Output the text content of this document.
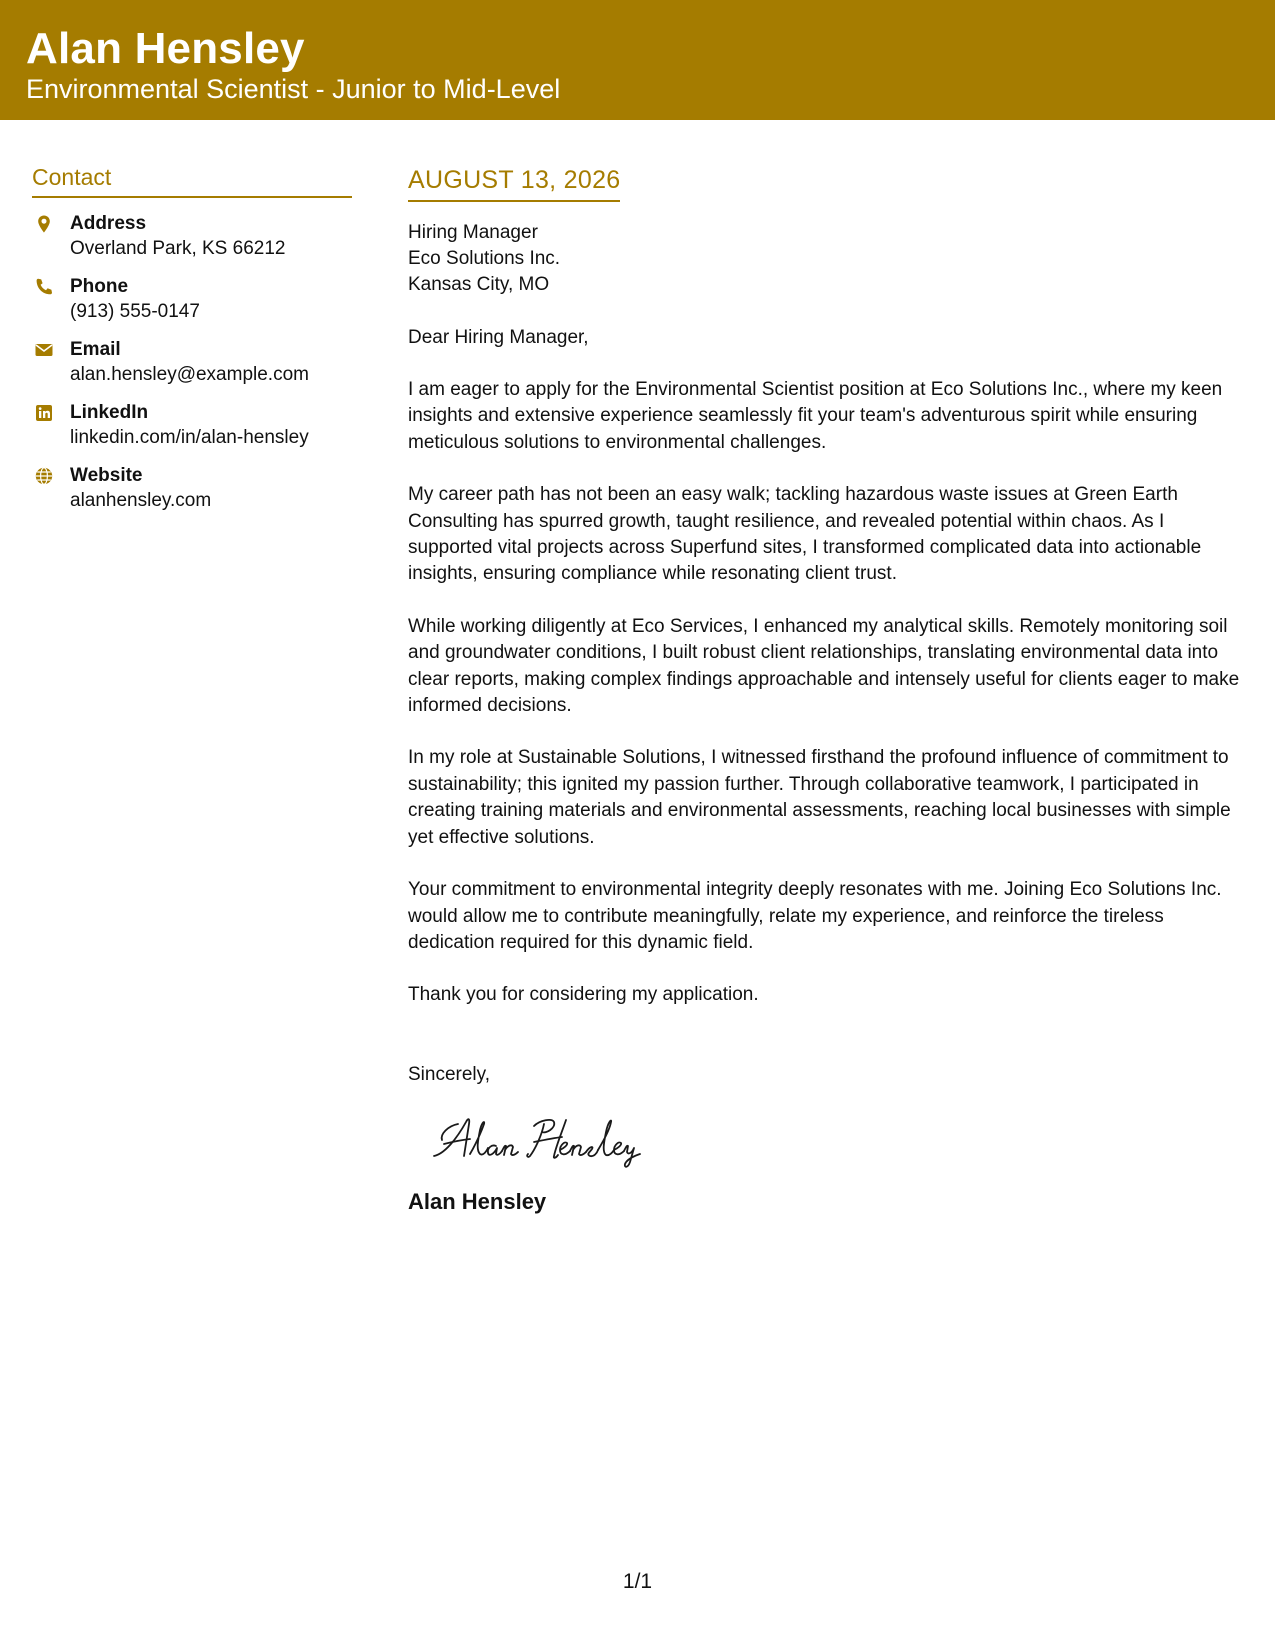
Alan Hensley
Environmental Scientist - Junior to Mid-Level
Contact
Address
Overland Park, KS 66212
Phone
(913) 555-0147
Email
alan.hensley@example.com
LinkedIn
linkedin.com/in/alan-hensley
Website
alanhensley.com
AUGUST 13, 2026
Hiring Manager
Eco Solutions Inc.
Kansas City, MO
Dear Hiring Manager,
I am eager to apply for the Environmental Scientist position at Eco Solutions Inc., where my keen insights and extensive experience seamlessly fit your team's adventurous spirit while ensuring meticulous solutions to environmental challenges.
My career path has not been an easy walk; tackling hazardous waste issues at Green Earth Consulting has spurred growth, taught resilience, and revealed potential within chaos. As I supported vital projects across Superfund sites, I transformed complicated data into actionable insights, ensuring compliance while resonating client trust.
While working diligently at Eco Services, I enhanced my analytical skills. Remotely monitoring soil and groundwater conditions, I built robust client relationships, translating environmental data into clear reports, making complex findings approachable and intensely useful for clients eager to make informed decisions.
In my role at Sustainable Solutions, I witnessed firsthand the profound influence of commitment to sustainability; this ignited my passion further. Through collaborative teamwork, I participated in creating training materials and environmental assessments, reaching local businesses with simple yet effective solutions.
Your commitment to environmental integrity deeply resonates with me. Joining Eco Solutions Inc. would allow me to contribute meaningfully, relate my experience, and reinforce the tireless dedication required for this dynamic field.
Thank you for considering my application.
Sincerely,
Alan Hensley
1/1
